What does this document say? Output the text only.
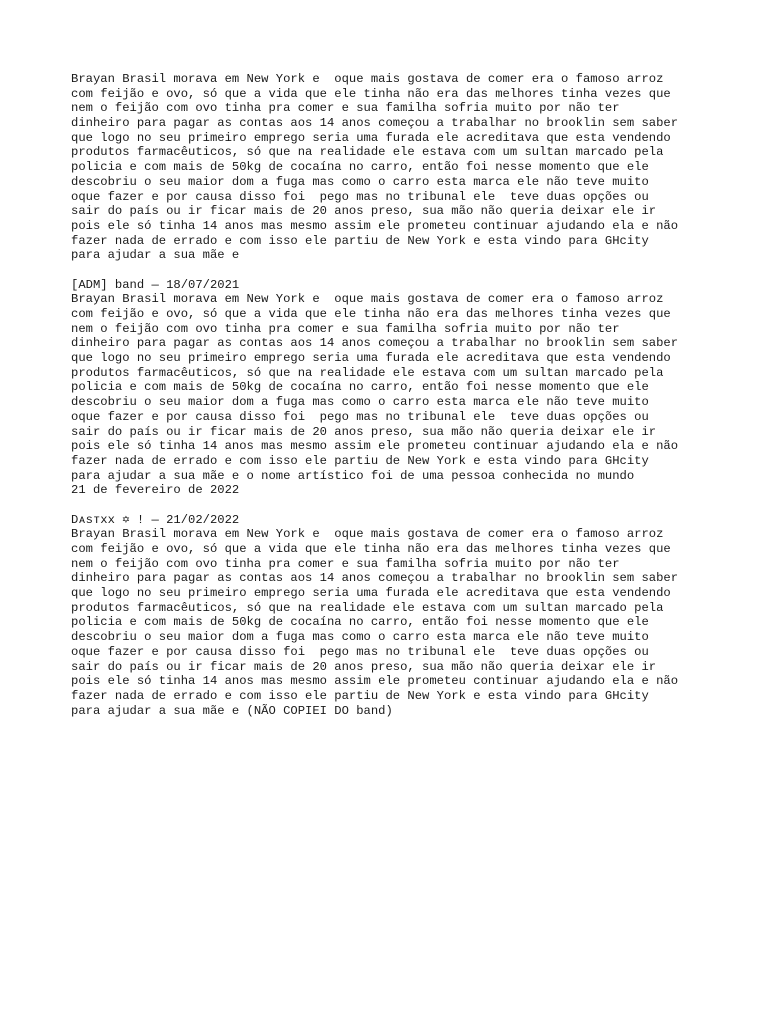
Brayan Brasil morava em New York e  oque mais gostava de comer era o famoso arroz
com feijão e ovo, só que a vida que ele tinha não era das melhores tinha vezes que
nem o feijão com ovo tinha pra comer e sua familha sofria muito por não ter
dinheiro para pagar as contas aos 14 anos começou a trabalhar no brooklin sem saber
que logo no seu primeiro emprego seria uma furada ele acreditava que esta vendendo
produtos farmacêuticos, só que na realidade ele estava com um sultan marcado pela
policia e com mais de 50kg de cocaína no carro, então foi nesse momento que ele
descobriu o seu maior dom a fuga mas como o carro esta marca ele não teve muito
oque fazer e por causa disso foi  pego mas no tribunal ele  teve duas opções ou
sair do país ou ir ficar mais de 20 anos preso, sua mão não queria deixar ele ir
pois ele só tinha 14 anos mas mesmo assim ele prometeu continuar ajudando ela e não
fazer nada de errado e com isso ele partiu de New York e esta vindo para GHcity
para ajudar a sua mãe e
[ADM] band — 18/07/2021
Brayan Brasil morava em New York e  oque mais gostava de comer era o famoso arroz
com feijão e ovo, só que a vida que ele tinha não era das melhores tinha vezes que
nem o feijão com ovo tinha pra comer e sua familha sofria muito por não ter
dinheiro para pagar as contas aos 14 anos começou a trabalhar no brooklin sem saber
que logo no seu primeiro emprego seria uma furada ele acreditava que esta vendendo
produtos farmacêuticos, só que na realidade ele estava com um sultan marcado pela
policia e com mais de 50kg de cocaína no carro, então foi nesse momento que ele
descobriu o seu maior dom a fuga mas como o carro esta marca ele não teve muito
oque fazer e por causa disso foi  pego mas no tribunal ele  teve duas opções ou
sair do país ou ir ficar mais de 20 anos preso, sua mão não queria deixar ele ir
pois ele só tinha 14 anos mas mesmo assim ele prometeu continuar ajudando ela e não
fazer nada de errado e com isso ele partiu de New York e esta vindo para GHcity
para ajudar a sua mãe e o nome artístico foi de uma pessoa conhecida no mundo
21 de fevereiro de 2022
Dᴀsᴛxx ✡ ! — 21/02/2022
Brayan Brasil morava em New York e  oque mais gostava de comer era o famoso arroz
com feijão e ovo, só que a vida que ele tinha não era das melhores tinha vezes que
nem o feijão com ovo tinha pra comer e sua familha sofria muito por não ter
dinheiro para pagar as contas aos 14 anos começou a trabalhar no brooklin sem saber
que logo no seu primeiro emprego seria uma furada ele acreditava que esta vendendo
produtos farmacêuticos, só que na realidade ele estava com um sultan marcado pela
policia e com mais de 50kg de cocaína no carro, então foi nesse momento que ele
descobriu o seu maior dom a fuga mas como o carro esta marca ele não teve muito
oque fazer e por causa disso foi  pego mas no tribunal ele  teve duas opções ou
sair do país ou ir ficar mais de 20 anos preso, sua mão não queria deixar ele ir
pois ele só tinha 14 anos mas mesmo assim ele prometeu continuar ajudando ela e não
fazer nada de errado e com isso ele partiu de New York e esta vindo para GHcity
para ajudar a sua mãe e (NÃO COPIEI DO band)
